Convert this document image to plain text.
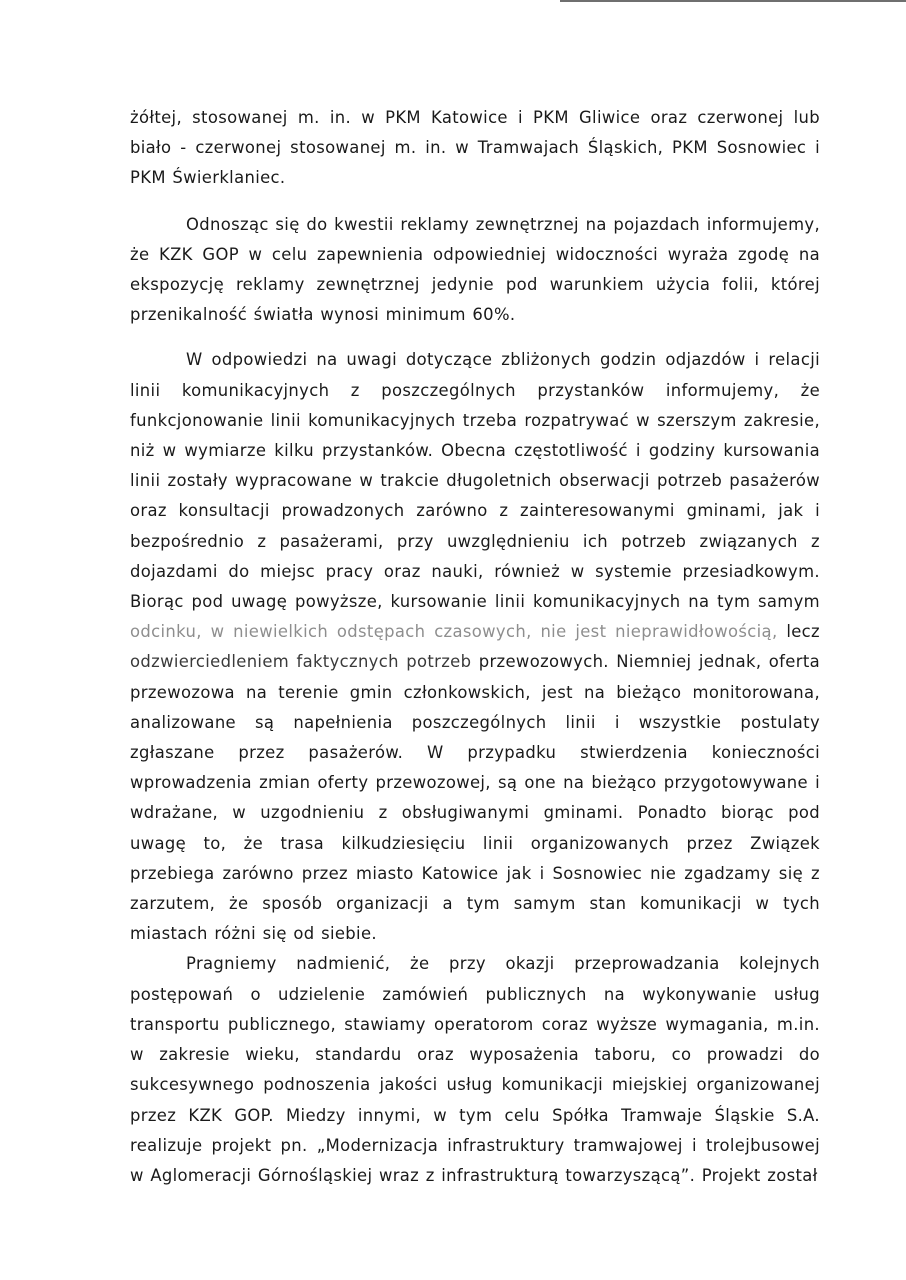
żółtej, stosowanej m. in. w PKM Katowice i PKM Gliwice oraz czerwonej lub biało - czerwonej stosowanej m. in. w Tramwajach Śląskich, PKM Sosnowiec i PKM Świerklaniec.

Odnosząc się do kwestii reklamy zewnętrznej na pojazdach informujemy, że KZK GOP w celu zapewnienia odpowiedniej widoczności wyraża zgodę na ekspozycję reklamy zewnętrznej jedynie pod warunkiem użycia folii, której przenikalność światła wynosi minimum 60%.

W odpowiedzi na uwagi dotyczące zbliżonych godzin odjazdów i relacji linii komunikacyjnych z poszczególnych przystanków informujemy, że funkcjonowanie linii komunikacyjnych trzeba rozpatrywać w szerszym zakresie, niż w wymiarze kilku przystanków. Obecna częstotliwość i godziny kursowania linii zostały wypracowane w trakcie długoletnich obserwacji potrzeb pasażerów oraz konsultacji prowadzonych zarówno z zainteresowanymi gminami, jak i bezpośrednio z pasażerami, przy uwzględnieniu ich potrzeb związanych z dojazdami do miejsc pracy oraz nauki, również w systemie przesiadkowym. Biorąc pod uwagę powyższe, kursowanie linii komunikacyjnych na tym samym odcinku, w niewielkich odstępach czasowych, nie jest nieprawidłowością, lecz odzwierciedleniem faktycznych potrzeb przewozowych. Niemniej jednak, oferta przewozowa na terenie gmin członkowskich, jest na bieżąco monitorowana, analizowane są napełnienia poszczególnych linii i wszystkie postulaty zgłaszane przez pasażerów. W przypadku stwierdzenia konieczności wprowadzenia zmian oferty przewozowej, są one na bieżąco przygotowywane i wdrażane, w uzgodnieniu z obsługiwanymi gminami. Ponadto biorąc pod uwagę to, że trasa kilkudziesięciu linii organizowanych przez Związek przebiega zarówno przez miasto Katowice jak i Sosnowiec nie zgadzamy się z zarzutem, że sposób organizacji a tym samym stan komunikacji w tych miastach różni się od siebie.

Pragniemy nadmienić, że przy okazji przeprowadzania kolejnych postępowań o udzielenie zamówień publicznych na wykonywanie usług transportu publicznego, stawiamy operatorom coraz wyższe wymagania, m.in. w zakresie wieku, standardu oraz wyposażenia taboru, co prowadzi do sukcesywnego podnoszenia jakości usług komunikacji miejskiej organizowanej przez KZK GOP. Miedzy innymi, w tym celu Spółka Tramwaje Śląskie S.A. realizuje projekt pn. „Modernizacja infrastruktury tramwajowej i trolejbusowej w Aglomeracji Górnośląskiej wraz z infrastrukturą towarzyszącą”. Projekt został
